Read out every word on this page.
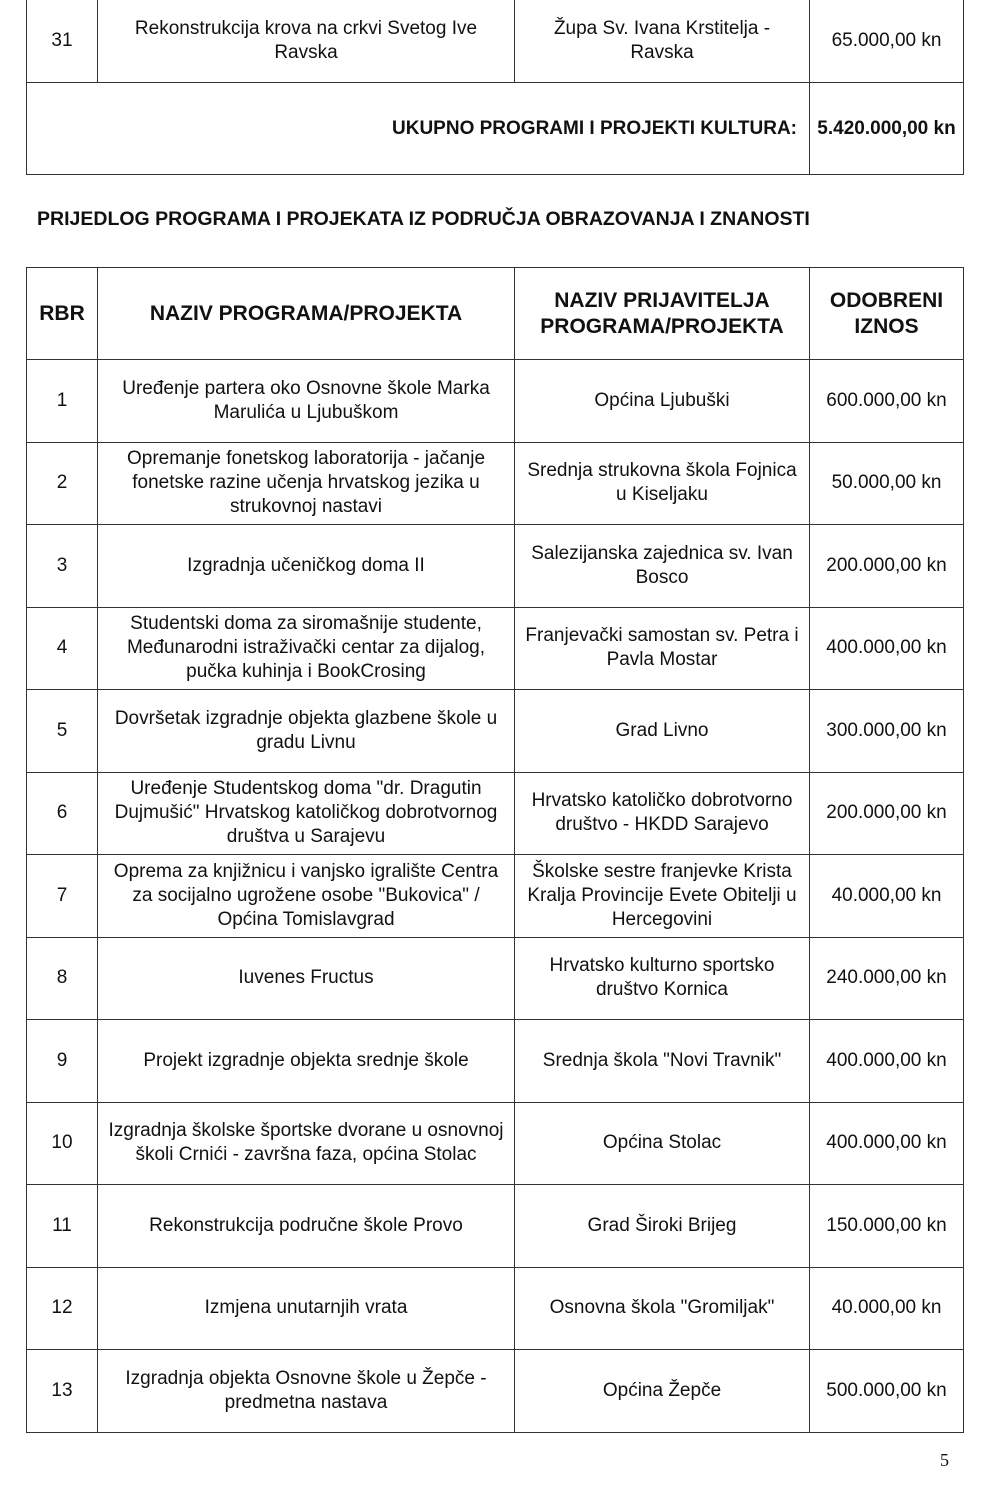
31	Rekonstrukcija krova na crkvi Svetog Ive Ravska	Župa Sv. Ivana Krstitelja - Ravska	65.000,00 kn
UKUPNO PROGRAMI I PROJEKTI KULTURA:			5.420.000,00 kn

PRIJEDLOG PROGRAMA I PROJEKATA IZ PODRUČJA OBRAZOVANJA I ZNANOSTI

RBR	NAZIV PROGRAMA/PROJEKTA	NAZIV PRIJAVITELJA PROGRAMA/PROJEKTA	ODOBRENI IZNOS
1	Uređenje partera oko Osnovne škole Marka Marulića u Ljubuškom	Općina Ljubuški	600.000,00 kn
2	Opremanje fonetskog laboratorija - jačanje fonetske razine učenja hrvatskog jezika u strukovnoj nastavi	Srednja strukovna škola Fojnica u Kiseljaku	50.000,00 kn
3	Izgradnja učeničkog doma II	Salezijanska zajednica sv. Ivan Bosco	200.000,00 kn
4	Studentski doma za siromašnije studente, Međunarodni istraživački centar za dijalog, pučka kuhinja i BookCrosing	Franjevački samostan sv. Petra i Pavla Mostar	400.000,00 kn
5	Dovršetak izgradnje objekta glazbene škole u gradu Livnu	Grad Livno	300.000,00 kn
6	Uređenje Studentskog doma "dr. Dragutin Dujmušić" Hrvatskog katoličkog dobrotvornog društva u Sarajevu	Hrvatsko katoličko dobrotvorno društvo - HKDD Sarajevo	200.000,00 kn
7	Oprema za knjižnicu i vanjsko igralište Centra za socijalno ugrožene osobe "Bukovica" / Općina Tomislavgrad	Školske sestre franjevke Krista Kralja Provincije Evete Obitelji u Hercegovini	40.000,00 kn
8	Iuvenes Fructus	Hrvatsko kulturno sportsko društvo Kornica	240.000,00 kn
9	Projekt izgradnje objekta srednje škole	Srednja škola "Novi Travnik"	400.000,00 kn
10	Izgradnja školske športske dvorane u osnovnoj školi Crnići - završna faza, općina Stolac	Općina Stolac	400.000,00 kn
11	Rekonstrukcija područne škole Provo	Grad Široki Brijeg	150.000,00 kn
12	Izmjena unutarnjih vrata	Osnovna škola "Gromiljak"	40.000,00 kn
13	Izgradnja objekta Osnovne škole u Žepče - predmetna nastava	Općina Žepče	500.000,00 kn
5
